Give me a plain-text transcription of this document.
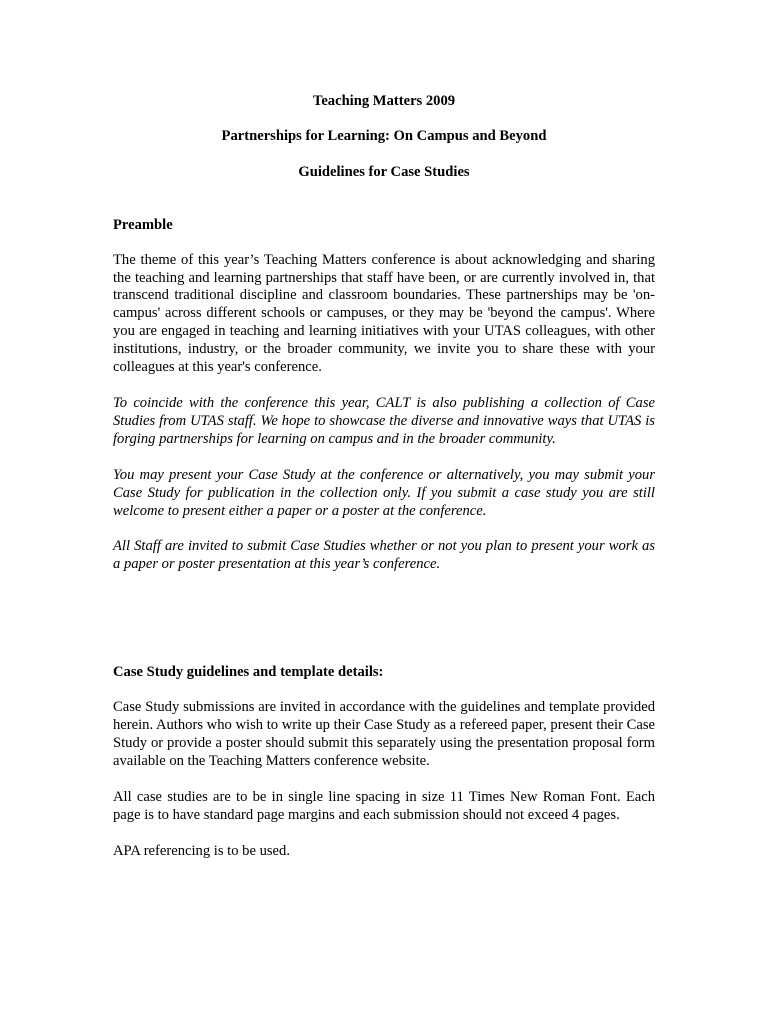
Teaching Matters 2009

Partnerships for Learning: On Campus and Beyond

Guidelines for Case Studies

Preamble

The theme of this year’s Teaching Matters conference is about acknowledging and sharing the teaching and learning partnerships that staff have been, or are currently involved in, that transcend traditional discipline and classroom boundaries. These partnerships may be 'on-campus' across different schools or campuses, or they may be 'beyond the campus'. Where you are engaged in teaching and learning initiatives with your UTAS colleagues, with other institutions, industry, or the broader community, we invite you to share these with your colleagues at this year's conference.

To coincide with the conference this year, CALT is also publishing a collection of Case Studies from UTAS staff. We hope to showcase the diverse and innovative ways that UTAS is forging partnerships for learning on campus and in the broader community.

You may present your Case Study at the conference or alternatively, you may submit your Case Study for publication in the collection only. If you submit a case study you are still welcome to present either a paper or a poster at the conference.

All Staff are invited to submit Case Studies whether or not you plan to present your work as a paper or poster presentation at this year’s conference.

Case Study guidelines and template details:

Case Study submissions are invited in accordance with the guidelines and template provided herein. Authors who wish to write up their Case Study as a refereed paper, present their Case Study or provide a poster should submit this separately using the presentation proposal form available on the Teaching Matters conference website.

All case studies are to be in single line spacing in size 11 Times New Roman Font. Each page is to have standard page margins and each submission should not exceed 4 pages.

APA referencing is to be used.
